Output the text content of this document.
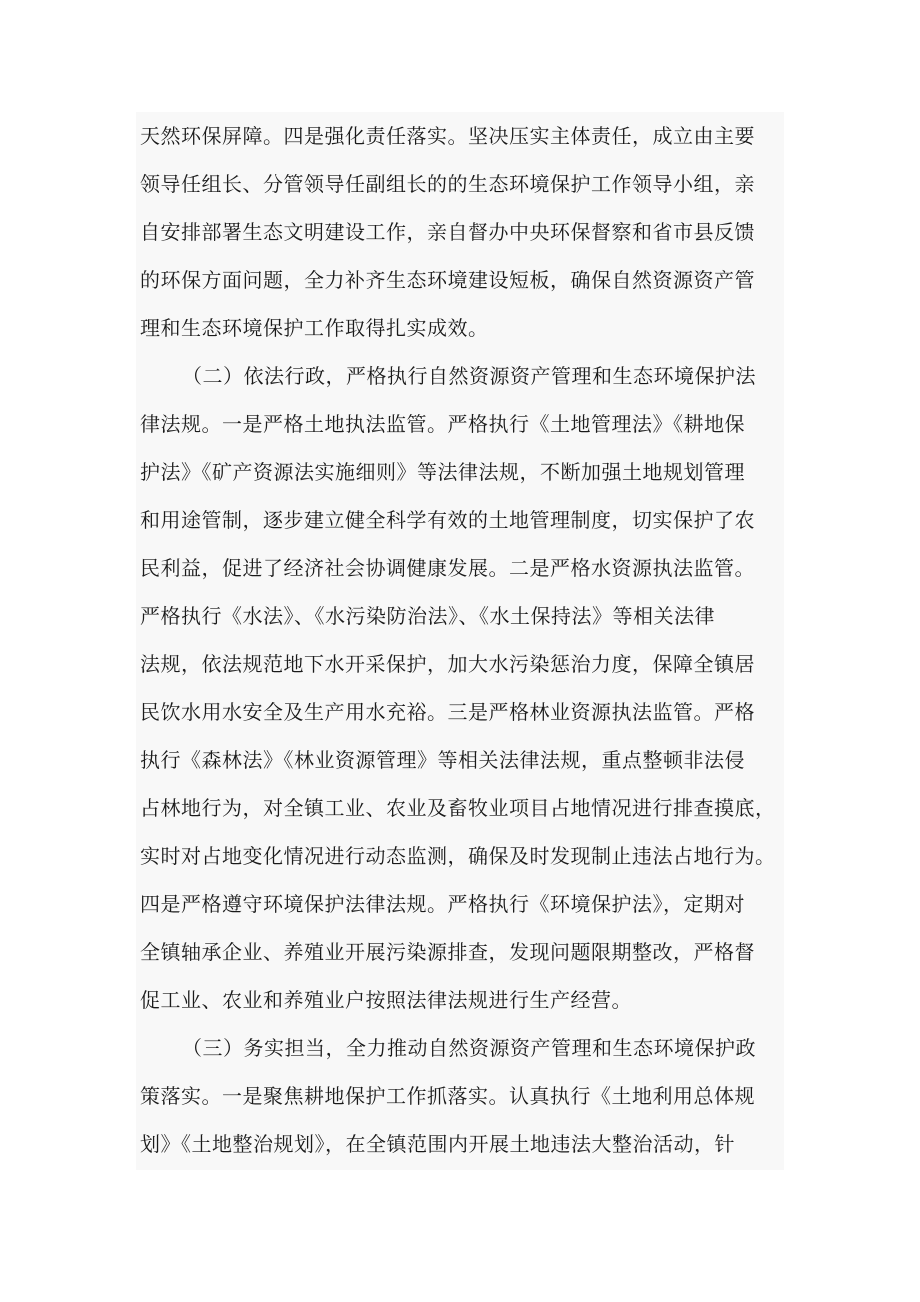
天然环保屏障。四是强化责任落实。坚决压实主体责任，成立由主要
领导任组长、分管领导任副组长的的生态环境保护工作领导小组，亲
自安排部署生态文明建设工作，亲自督办中央环保督察和省市县反馈
的环保方面问题，全力补齐生态环境建设短板，确保自然资源资产管
理和生态环境保护工作取得扎实成效。
（二）依法行政，严格执行自然资源资产管理和生态环境保护法
律法规。一是严格土地执法监管。严格执行《土地管理法》《耕地保
护法》《矿产资源法实施细则》等法律法规，不断加强土地规划管理
和用途管制，逐步建立健全科学有效的土地管理制度，切实保护了农
民利益，促进了经济社会协调健康发展。二是严格水资源执法监管。
严格执行《水法》、《水污染防治法》、《水土保持法》等相关法律
法规，依法规范地下水开采保护，加大水污染惩治力度，保障全镇居
民饮水用水安全及生产用水充裕。三是严格林业资源执法监管。严格
执行《森林法》《林业资源管理》等相关法律法规，重点整顿非法侵
占林地行为，对全镇工业、农业及畜牧业项目占地情况进行排查摸底，
实时对占地变化情况进行动态监测，确保及时发现制止违法占地行为。
四是严格遵守环境保护法律法规。严格执行《环境保护法》，定期对
全镇轴承企业、养殖业开展污染源排查，发现问题限期整改，严格督
促工业、农业和养殖业户按照法律法规进行生产经营。
（三）务实担当，全力推动自然资源资产管理和生态环境保护政
策落实。一是聚焦耕地保护工作抓落实。认真执行《土地利用总体规
划》《土地整治规划》，在全镇范围内开展土地违法大整治活动，针
